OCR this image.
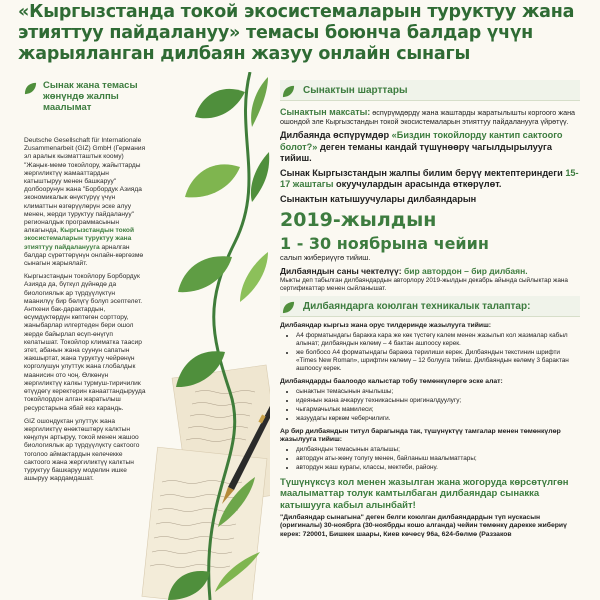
«Кыргызстанда токой экосистемаларын туруктуу жана этияттуу пайдалануу» темасы боюнча балдар үчүн жарыяланган дилбаян жазуу онлайн сынагы
Сынак жана темасы жөнүндө жалпы маалымат

Deutsche Gesellschaft für Internationale Zusammenarbeit (GIZ) GmbH (Германия эл аралык кызматташтык коому) "Жаңык-мемө токойлору, жайыттарды жергиликтүү жамааттардын катыштыруу менен башкаруу" долбоорунун жана "Борбордук Азияда экономикалык өнүктүрүү үчүн климаттын өзгөрүүлөрүн эске алуу менен, жерди туруктуу пайдалануу" регионалдык программасынын алкагында, Кыргызстандын токой экосистемаларын туруктуу жана этияттуу пайдаланууга арналган балдар сүрөттөрүнүн онлайн-көргөзмө сынагын жарыялайт.

Кыргызстандын токойлору Борбордук Азияда да, бүткүл дүйнөдө да биологиялык ар түрдүүлүктүн маанилүү бир бөлүгү болуп эсептелет. Анткени бак-дарактардын, өсүмдүктөрдүн көптөгөн сорттору, жаныбарлар илгертеден бери ошол жерде байырлап өсүп-өнүгүп келатышат. Токойлор климатка таасир этет, абанын жана суунун сапатын жакшыртат, жана туруктуу чейрөнүн корголушун улуттук жана глобалдык маанисин ото чоң. Өлкөнүн жергиликтүү калкы турмуш-тиричилик өтүүдөгү керектерин канааттандырууда токойлордон алган жаратылыш ресурстарына ябай кез карандь.

GIZ ошондуктан улуттук жана жергиликтүү өнөктөштөрү калктын көңүлүн артыруу, токой менен жашоо биологиялык ар түрдүүлүктү сактоого тоголоо аймактардын келечекке сактоого жана жергиликтүү калктын туруктуу башкаруу моделин ишке ашыруу жардамдашат.

Сынактын шарттары

Сынактын максаты: өспүрүмдөрдү жана жаштарды жаратылышты коргоого жана ошондой эле Кыргызстандын токой экосистемаларын этияттуу пайдаланууга үйрөтүү.

Дилбаянда өспүрүмдөр «Биздин токойлорду кантип сактоого болот?» деген теманы кандай түшүнөөрү чагылдырылууга тийиш.

Сынак Кыргызстандын жалпы билим берүү мектептериндеги 15-17 жаштагы окуучулардын арасында өткөрүлөт.

Сынактын катышуучулары дилбаяндарын

2019-жылдын
1 - 30 ноябрына чейин

салып жибериүүгө тийиш.

Дилбаяндын саны чектелүү: бир автордон – бир дилбаян.

Мыкты деп табылган дилбаяндардын авторлору 2019-жылдын декабрь айында сыйлыктар жана сертификаттар менен сыйланышат.

Дилбаяндарга коюлган техникалык талаптар:

Дилбаяндар кыргыз жана орус тилдеринде жазылууга тийиш:

• А4 форматындагы баракка кара же көк түстөгү калем менен жазылып кол жазмалар кабыл алынат; дилбаяндын көлөмү – 4 бактан ашпоосу керек.
• же болбосо А4 форматындагы баракка терилиши керек. Дилбаяндын текстинин шрифти «Times New Roman», шрифтин көлөмү – 12 болууга тийиш. Дилбаяндын көлөмү 3 барактан ашпоосу керек.

Дилбаяндарды баалоодо калыстар тобу төмөнкүлөргө эске алат:

• сынактын темасынын ачылышы;
• идеянын жана ачкаруу техникасынын оригиналдуулугу;
• чыгармачылык мамилеси;
• жазуудагы көркөм чеберчилиги.

Ар бир дилбаяндын титул барагында так, түшүнүктүү тамгалар менен төмөнкүлөр жазылууга тийиш:

• дилбаяндын темасынын аталышы;
• автордун аты-жөнү толугу менен, байланыш маалыматтары;
• автордун жаш курагы, классы, мектеби, району.

Түшүнүксүз кол менен жазылган жана жогоруда көрсөтүлгөн маалыматтар толук камтылбаган дилбаяндар сынакка катышууга кабыл алынбайт!

"Дилбаяндар сынагына" деген белги коюлган дилбаяндардын түп нускасын (оригиналы) 30-ноябрга (30-ноябрды кошо алганда) чейин төмөнкү дарекке жибериү керек: 720001, Бишкек шаары, Киев көчөсү 96а, 624-бөлмө (Раззаков
